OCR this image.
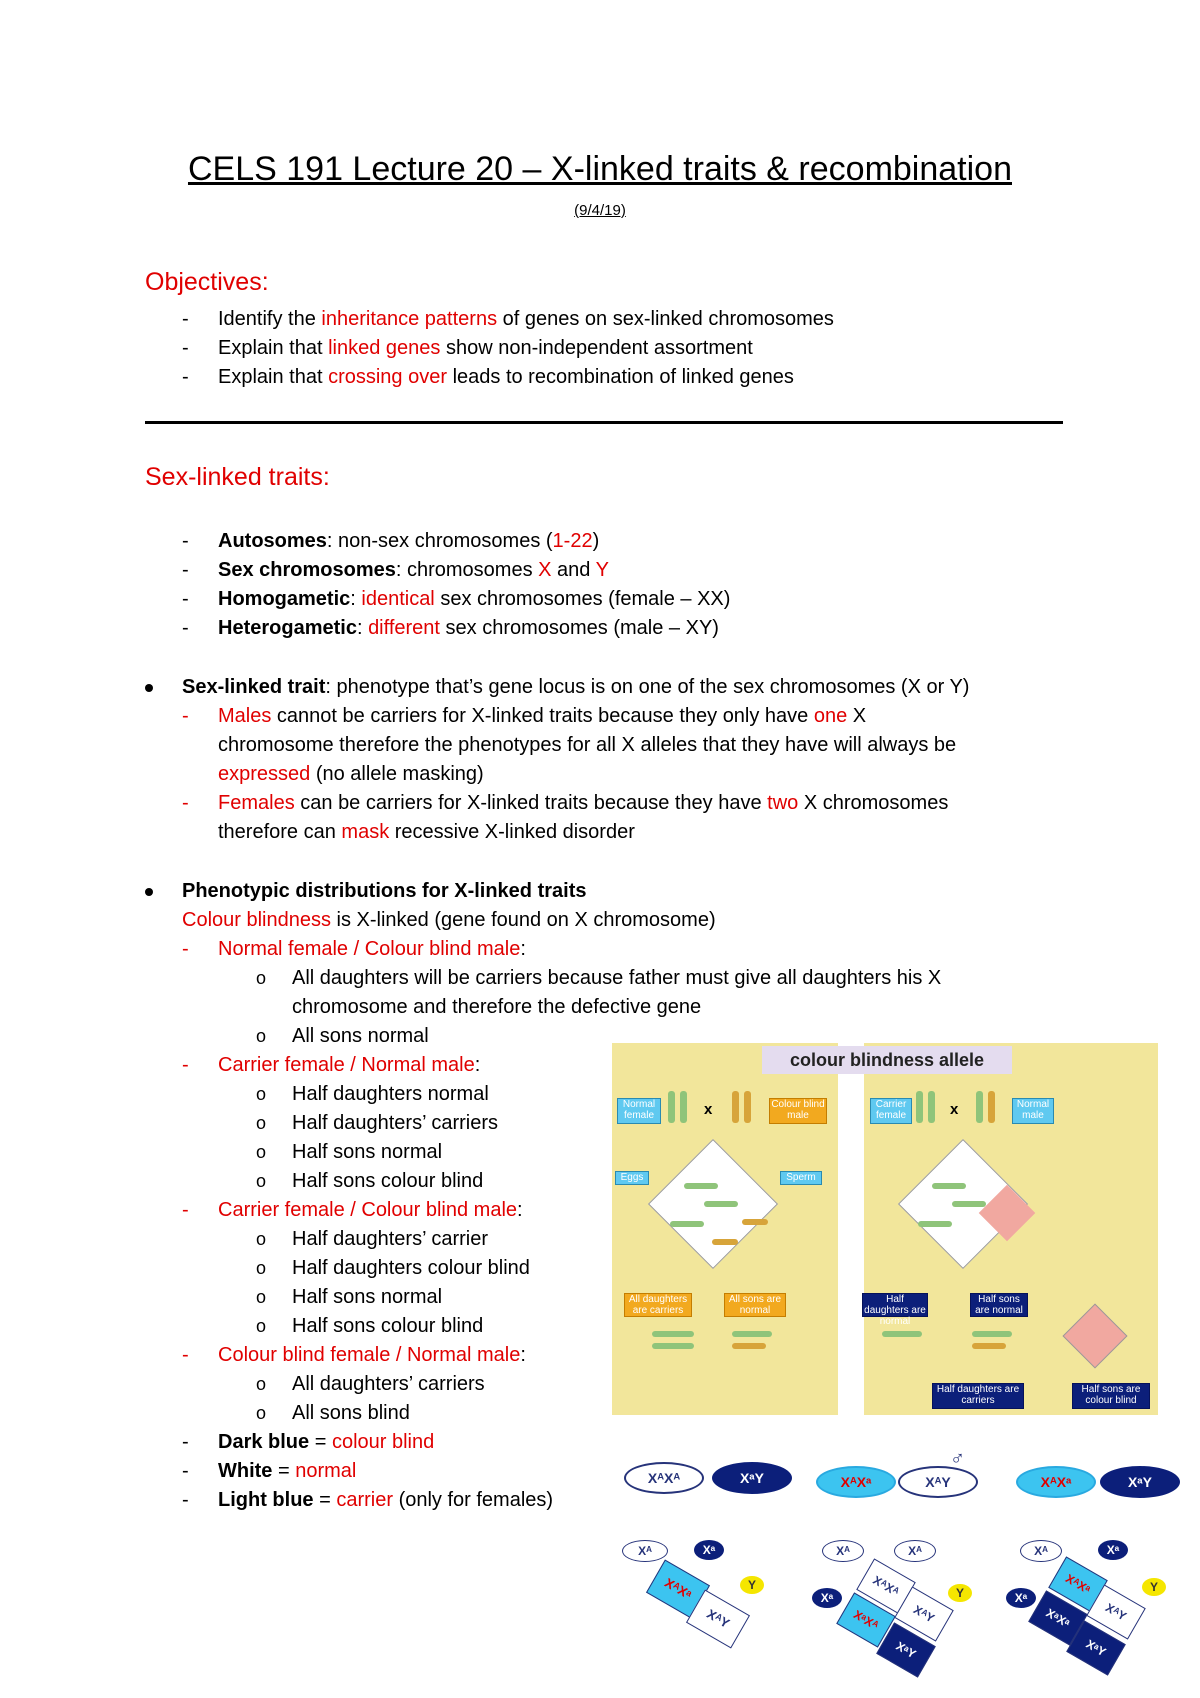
CELS 191 Lecture 20 – X-linked traits & recombination
(9/4/19)
Objectives:
- Identify the inheritance patterns of genes on sex-linked chromosomes
- Explain that linked genes show non-independent assortment
- Explain that crossing over leads to recombination of linked genes
Sex-linked traits:
- Autosomes: non-sex chromosomes (1-22)
- Sex chromosomes: chromosomes X and Y
- Homogametic: identical sex chromosomes (female – XX)
- Heterogametic: different sex chromosomes (male – XY)
Sex-linked trait: phenotype that’s gene locus is on one of the sex chromosomes (X or Y)
- Males cannot be carriers for X-linked traits because they only have one X
chromosome therefore the phenotypes for all X alleles that they have will always be
expressed (no allele masking)
- Females can be carriers for X-linked traits because they have two X chromosomes
therefore can mask recessive X-linked disorder
Phenotypic distributions for X-linked traits
Colour blindness is X-linked (gene found on X chromosome)
- Normal female / Colour blind male:
o All daughters will be carriers because father must give all daughters his X
chromosome and therefore the defective gene
o All sons normal
- Carrier female / Normal male:
o Half daughters normal
o Half daughters’ carriers
o Half sons normal
o Half sons colour blind
- Carrier female / Colour blind male:
o Half daughters’ carrier
o Half daughters colour blind
o Half sons normal
o Half sons colour blind
- Colour blind female / Normal male:
o All daughters’ carriers
o All sons blind
- Dark blue = colour blind
- White = normal
- Light blue = carrier (only for females)
colour blindness allele
Normal female	x	Colour blind male
Eggs	Sperm
All daughters are carriers
All sons are normal
Carrier female	x	Normal male
Half daughters are normal
Half sons are normal
Half daughters are carriers
Half sons are colour blind
XᴬXᴬ	XᵃY	XᴬXᵃ	XᴬY	XᴬXᵃ	XᵃY
♂
Xᴬ	Xᵃ
Y
XᴬXᵃ
XᴬY
Xᴬ	Xᴬ
Xᵃ	Y
XᴬXᴬ
XᴬY
XᵃXᴬ
XᵃY
Xᴬ	Xᵃ
Xᵃ
Y
XᴬXᵃ
XᴬY
XᵃXᵃ
XᵃY
